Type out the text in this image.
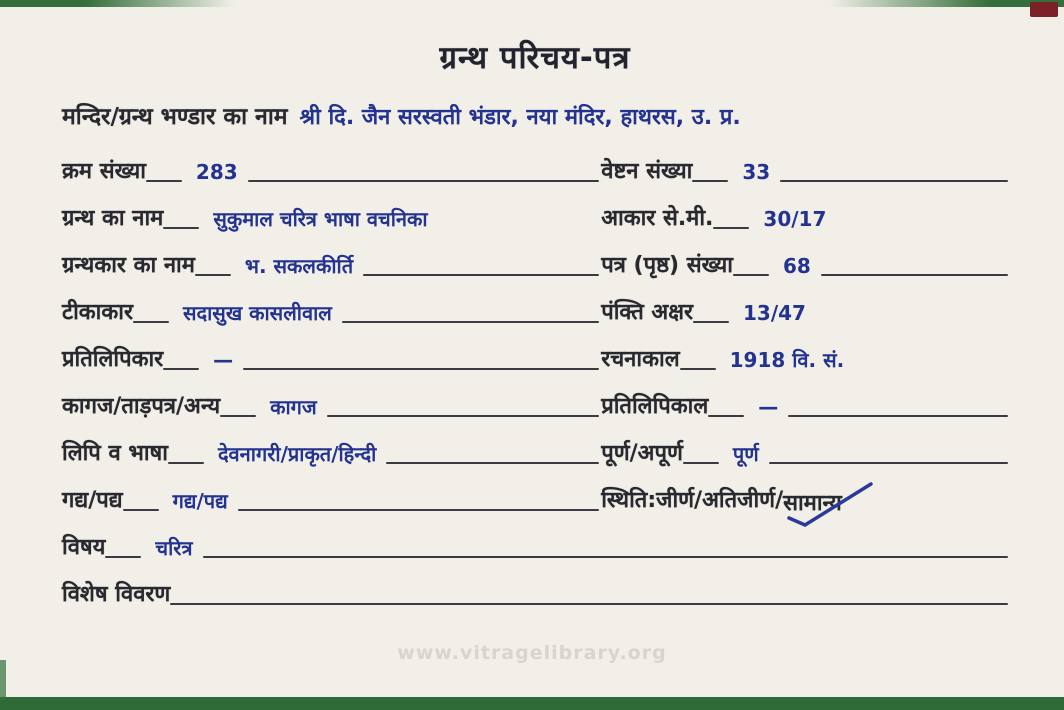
ग्रन्थ परिचय-पत्र
मन्दिर/ग्रन्थ भण्डार का नाम श्री दि. जैन सरस्वती भंडार, नया मंदिर, हाथरस, उ. प्र.
क्रम संख्या	283	वेष्टन संख्या	33
ग्रन्थ का नाम	सुकुमाल चरित्र भाषा वचनिका	आकार से.मी.	30/17
ग्रन्थकार का नाम	भ. सकलकीर्ति	पत्र (पृष्ठ) संख्या	68
टीकाकार	सदासुख कासलीवाल	पंक्ति अक्षर	13/47
प्रतिलिपिकार	—	रचनाकाल	1918 वि. सं.
कागज/ताड़पत्र/अन्य	कागज	प्रतिलिपिकाल	—
लिपि व भाषा	देवनागरी/प्राकृत/हिन्दी	पूर्ण/अपूर्ण	पूर्ण
गद्य/पद्य	गद्य/पद्य	स्थिति:जीर्ण/अतिजीर्ण/ सामान्य
विषय	चरित्र
विशेष विवरण
www.vitragelibrary.org
